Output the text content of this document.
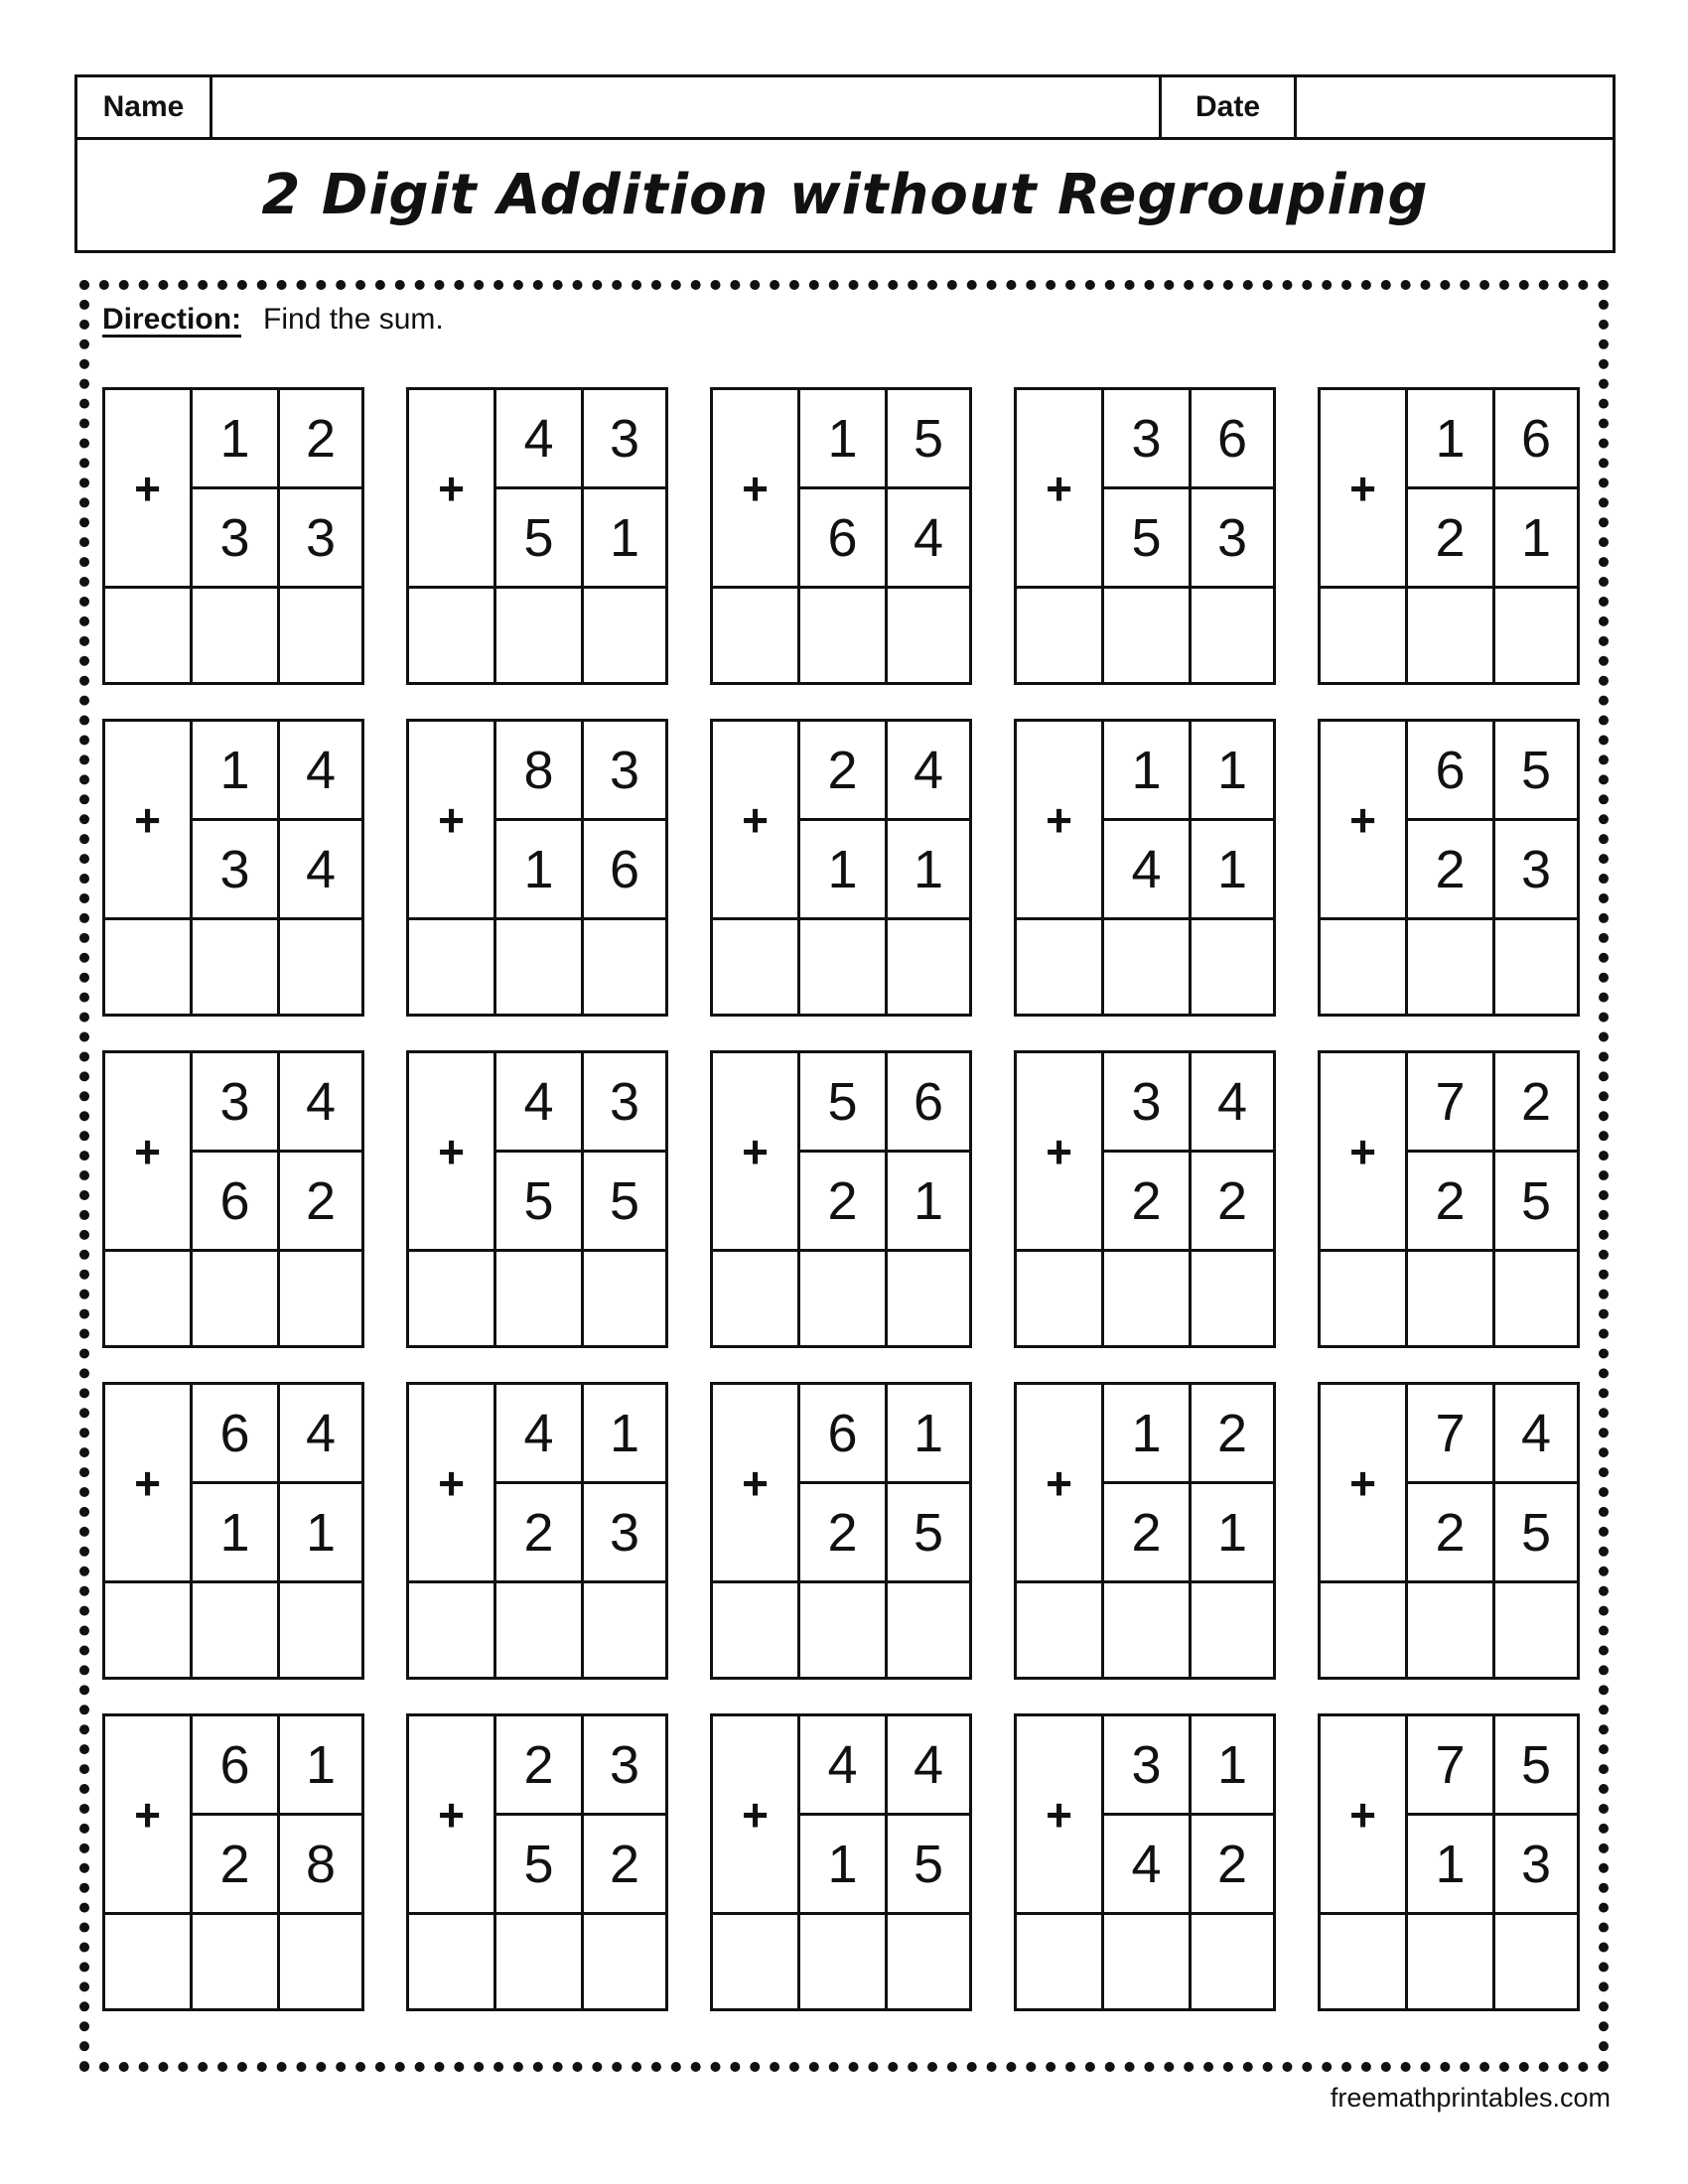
Name	Date
2 Digit Addition without Regrouping
Direction: Find the sum.
+
1	2
3	3
+
4	3
5	1
+
1	5
6	4
+
3	6
5	3
+
1	6
2	1
+
1	4
3	4
+
8	3
1	6
+
2	4
1	1
+
1	1
4	1
+
6	5
2	3
+
3	4
6	2
+
4	3
5	5
+
5	6
2	1
+
3	4
2	2
+
7	2
2	5
+
6	4
1	1
+
4	1
2	3
+
6	1
2	5
+
1	2
2	1
+
7	4
2	5
+
6	1
2	8
+
2	3
5	2
+
4	4
1	5
+
3	1
4	2
+
7	5
1	3
freemathprintables.com
